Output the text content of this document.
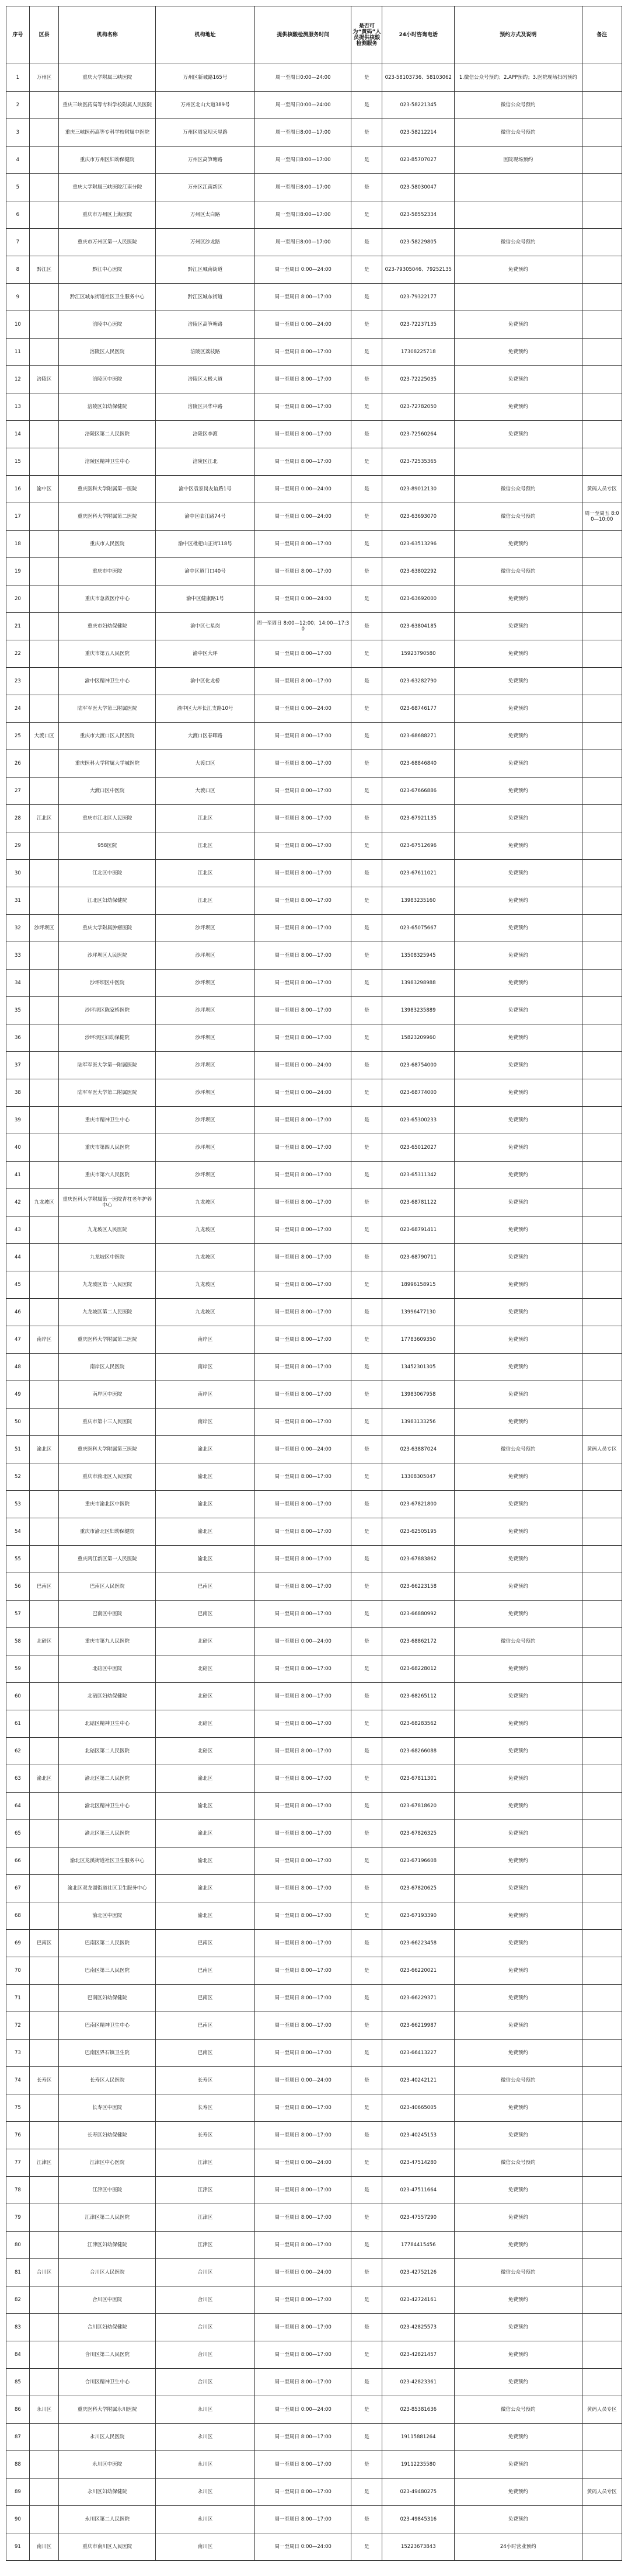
序号	区县	机构名称	机构地址	提供核酸检测服务时间	是否可为“黄码”人员提供核酸检测服务	24小时咨询电话	预约方式及说明	备注
1	万州区	重庆大学附属三峡医院	万州区新城路165号	周一至周日0:00—24:00	是	023-58103736、58103062	1.微信公众号预约；2.APP预约；3.医院现场扫码预约	
2		重庆三峡医药高等专科学校附属人民医院	万州区北山大道389号	周一至周日0:00—24:00	是	023-58221345	微信公众号预约	
3		重庆三峡医药高等专科学校附属中医院	万州区周家坝天星路	周一至周日8:00—17:00	是	023-58212214	微信公众号预约	
4		重庆市万州区妇幼保健院	万州区高笋塘路	周一至周日8:00—17:00	是	023-85707027	医院现场预约	
5		重庆大学附属三峡医院江南分院	万州区江南新区	周一至周日8:00—17:00	是	023-58030047		
6		重庆市万州区上海医院	万州区太白路	周一至周日8:00—17:00	是	023-58552334		
7		重庆市万州区第一人民医院	万州区沙龙路	周一至周日8:00—17:00	是	023-58229805	微信公众号预约	
8	黔江区	黔江中心医院	黔江区城南街道	周一至周日 0:00—24:00	是	023-79305046、79252135	免费预约	
9		黔江区城东街道社区卫生服务中心	黔江区城东街道	周一至周日 8:00—17:00	是	023-79322177		
10		涪陵中心医院	涪陵区高笋塘路	周一至周日 0:00—24:00	是	023-72237135	免费预约	
11		涪陵区人民医院	涪陵区荔枝路	周一至周日 8:00—17:00	是	17308225718	免费预约	
12	涪陵区	涪陵区中医院	涪陵区太极大道	周一至周日 8:00—17:00	是	023-72225035	免费预约	
13		涪陵区妇幼保健院	涪陵区兴华中路	周一至周日 8:00—17:00	是	023-72782050	免费预约	
14		涪陵区第二人民医院	涪陵区李渡	周一至周日 8:00—17:00	是	023-72560264	免费预约	
15		涪陵区精神卫生中心	涪陵区江北	周一至周日 8:00—17:00	是	023-72535365		
16	渝中区	重庆医科大学附属第一医院	渝中区袁家岗友谊路1号	周一至周日 0:00—24:00	是	023-89012130	微信公众号预约	黄码人员专区
17		重庆医科大学附属第二医院	渝中区临江路74号	周一至周日 0:00—24:00	是	023-63693070	微信公众号预约	周一至周五 8:00—10:00
18		重庆市人民医院	渝中区枇杷山正街118号	周一至周日 8:00—17:00	是	023-63513296	免费预约	
19		重庆市中医院	渝中区道门口40号	周一至周日 8:00—17:00	是	023-63802292	微信公众号预约	
20		重庆市急救医疗中心	渝中区健康路1号	周一至周日 0:00—24:00	是	023-63692000	免费预约	
21		重庆市妇幼保健院	渝中区七星岗	周一至周日 8:00—12:00；14:00—17:30	是	023-63804185	免费预约	
22		重庆市第五人民医院	渝中区大坪	周一至周日 8:00—17:00	是	15923790580	免费预约	
23		渝中区精神卫生中心	渝中区化龙桥	周一至周日 8:00—17:00	是	023-63282790	免费预约	
24		陆军军医大学第三附属医院	渝中区大坪长江支路10号	周一至周日 0:00—24:00	是	023-68746177	免费预约	
25	大渡口区	重庆市大渡口区人民医院	大渡口区春晖路	周一至周日 8:00—17:00	是	023-68688271	免费预约	
26		重庆医科大学附属大学城医院	大渡口区	周一至周日 8:00—17:00	是	023-68846840	免费预约	
27		大渡口区中医院	大渡口区	周一至周日 8:00—17:00	是	023-67666886	免费预约	
28	江北区	重庆市江北区人民医院	江北区	周一至周日 8:00—17:00	是	023-67921135	免费预约	
29		958医院	江北区	周一至周日 8:00—17:00	是	023-67512696	免费预约	
30		江北区中医院	江北区	周一至周日 8:00—17:00	是	023-67611021	免费预约	
31		江北区妇幼保健院	江北区	周一至周日 8:00—17:00	是	13983235160	免费预约	
32	沙坪坝区	重庆大学附属肿瘤医院	沙坪坝区	周一至周日 8:00—17:00	是	023-65075667	免费预约	
33		沙坪坝区人民医院	沙坪坝区	周一至周日 8:00—17:00	是	13508325945	免费预约	
34		沙坪坝区中医院	沙坪坝区	周一至周日 8:00—17:00	是	13983298988	免费预约	
35		沙坪坝区陈家桥医院	沙坪坝区	周一至周日 8:00—17:00	是	13983235889	免费预约	
36		沙坪坝区妇幼保健院	沙坪坝区	周一至周日 8:00—17:00	是	15823209960	免费预约	
37		陆军军医大学第一附属医院	沙坪坝区	周一至周日 0:00—24:00	是	023-68754000	免费预约	
38		陆军军医大学第二附属医院	沙坪坝区	周一至周日 0:00—24:00	是	023-68774000	免费预约	
39		重庆市精神卫生中心	沙坪坝区	周一至周日 8:00—17:00	是	023-65300233	免费预约	
40		重庆市第四人民医院	沙坪坝区	周一至周日 8:00—17:00	是	023-65012027	免费预约	
41		重庆市第六人民医院	沙坪坝区	周一至周日 8:00—17:00	是	023-65311342	免费预约	
42	九龙坡区	重庆医科大学附属第一医院青杠老年护养中心	九龙坡区	周一至周日 8:00—17:00	是	023-68781122	免费预约	
43		九龙坡区人民医院	九龙坡区	周一至周日 8:00—17:00	是	023-68791411	免费预约	
44		九龙坡区中医院	九龙坡区	周一至周日 8:00—17:00	是	023-68790711	免费预约	
45		九龙坡区第一人民医院	九龙坡区	周一至周日 8:00—17:00	是	18996158915	免费预约	
46		九龙坡区第二人民医院	九龙坡区	周一至周日 8:00—17:00	是	13996477130	免费预约	
47	南岸区	重庆医科大学附属第二医院	南岸区	周一至周日 8:00—17:00	是	17783609350	免费预约	
48		南岸区人民医院	南岸区	周一至周日 8:00—17:00	是	13452301305	免费预约	
49		南岸区中医院	南岸区	周一至周日 8:00—17:00	是	13983067958	免费预约	
50		重庆市第十三人民医院	南岸区	周一至周日 8:00—17:00	是	13983133256	免费预约	
51	渝北区	重庆医科大学附属第三医院	渝北区	周一至周日 0:00—24:00	是	023-63887024	微信公众号预约	黄码人员专区
52		重庆市渝北区人民医院	渝北区	周一至周日 8:00—17:00	是	13308305047	免费预约	
53		重庆市渝北区中医院	渝北区	周一至周日 8:00—17:00	是	023-67821800	免费预约	
54		重庆市渝北区妇幼保健院	渝北区	周一至周日 8:00—17:00	是	023-62505195	免费预约	
55		重庆两江新区第一人民医院	渝北区	周一至周日 8:00—17:00	是	023-67883862	免费预约	
56	巴南区	巴南区人民医院	巴南区	周一至周日 8:00—17:00	是	023-66223158	免费预约	
57		巴南区中医院	巴南区	周一至周日 8:00—17:00	是	023-66880992	免费预约	
58	北碚区	重庆市第九人民医院	北碚区	周一至周日 0:00—24:00	是	023-68862172	微信公众号预约	
59		北碚区中医院	北碚区	周一至周日 8:00—17:00	是	023-68228012	免费预约	
60		北碚区妇幼保健院	北碚区	周一至周日 8:00—17:00	是	023-68265112	免费预约	
61		北碚区精神卫生中心	北碚区	周一至周日 8:00—17:00	是	023-68283562	免费预约	
62		北碚区第二人民医院	北碚区	周一至周日 8:00—17:00	是	023-68266088	免费预约	
63	渝北区	渝北区第二人民医院	渝北区	周一至周日 8:00—17:00	是	023-67811301	免费预约	
64		渝北区精神卫生中心	渝北区	周一至周日 8:00—17:00	是	023-67818620	免费预约	
65		渝北区第三人民医院	渝北区	周一至周日 8:00—17:00	是	023-67826325	免费预约	
66		渝北区龙溪街道社区卫生服务中心	渝北区	周一至周日 8:00—17:00	是	023-67196608	免费预约	
67		渝北区双龙湖街道社区卫生服务中心	渝北区	周一至周日 8:00—17:00	是	023-67820625	免费预约	
68		渝北区中医院	渝北区	周一至周日 8:00—17:00	是	023-67193390	免费预约	
69	巴南区	巴南区第二人民医院	巴南区	周一至周日 8:00—17:00	是	023-66223458	免费预约	
70		巴南区第三人民医院	巴南区	周一至周日 8:00—17:00	是	023-66220021	免费预约	
71		巴南区妇幼保健院	巴南区	周一至周日 8:00—17:00	是	023-66229371	免费预约	
72		巴南区精神卫生中心	巴南区	周一至周日 8:00—17:00	是	023-66219987	免费预约	
73		巴南区界石镇卫生院	巴南区	周一至周日 8:00—17:00	是	023-66413227	免费预约	
74	长寿区	长寿区人民医院	长寿区	周一至周日 0:00—24:00	是	023-40242121	微信公众号预约	
75		长寿区中医院	长寿区	周一至周日 8:00—17:00	是	023-40665005	免费预约	
76		长寿区妇幼保健院	长寿区	周一至周日 8:00—17:00	是	023-40245153	免费预约	
77	江津区	江津区中心医院	江津区	周一至周日 0:00—24:00	是	023-47514280	微信公众号预约	
78		江津区中医院	江津区	周一至周日 8:00—17:00	是	023-47511664	免费预约	
79		江津区第二人民医院	江津区	周一至周日 8:00—17:00	是	023-47557290	免费预约	
80		江津区妇幼保健院	江津区	周一至周日 8:00—17:00	是	17784415456	免费预约	
81	合川区	合川区人民医院	合川区	周一至周日 0:00—24:00	是	023-42752126	微信公众号预约	
82		合川区中医院	合川区	周一至周日 8:00—17:00	是	023-42724161	免费预约	
83		合川区妇幼保健院	合川区	周一至周日 8:00—17:00	是	023-42825573	免费预约	
84		合川区第二人民医院	合川区	周一至周日 8:00—17:00	是	023-42821457	免费预约	
85		合川区精神卫生中心	合川区	周一至周日 8:00—17:00	是	023-42823361	免费预约	
86	永川区	重庆医科大学附属永川医院	永川区	周一至周日 0:00—24:00	是	023-85381636	微信公众号预约	黄码人员专区
87		永川区人民医院	永川区	周一至周日 8:00—17:00	是	19115881264	免费预约	
88		永川区中医院	永川区	周一至周日 8:00—17:00	是	19112235580	免费预约	
89		永川区妇幼保健院	永川区	周一至周日 8:00—17:00	是	023-49480275	免费预约	黄码人员专区
90		永川区第二人民医院	永川区	周一至周日 8:00—17:00	是	023-49845316	免费预约	
91	南川区	重庆市南川区人民医院	南川区	周一至周日 0:00—24:00	是	15223673843	24小时营业预约	
